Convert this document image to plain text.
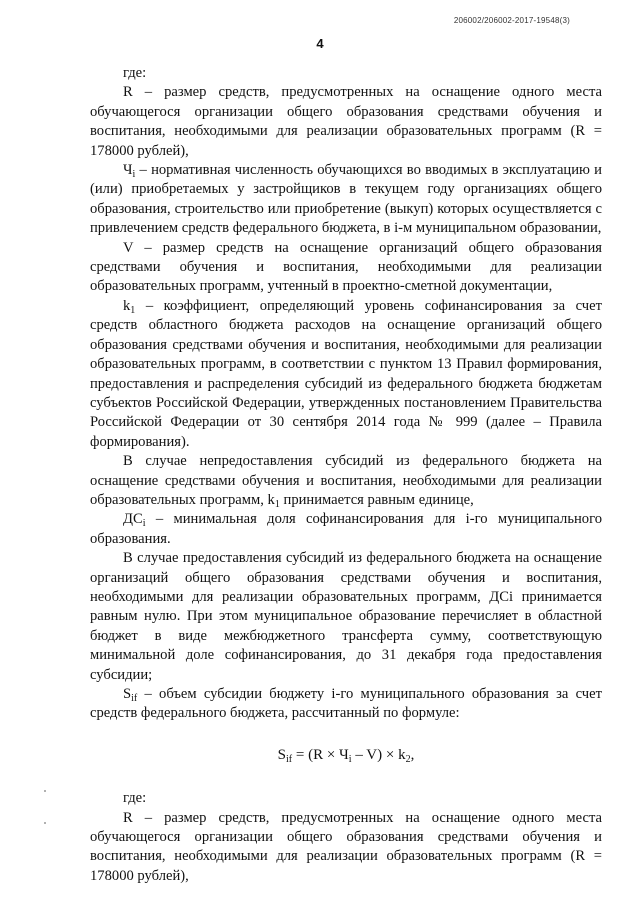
206002/206002-2017-19548(3)
4

где:

R – размер средств, предусмотренных на оснащение одного места обучающегося организации общего образования средствами обучения и воспитания, необходимыми для реализации образовательных программ (R = 178000 рублей),

$Ч_i$ – нормативная численность обучающихся во вводимых в эксплуатацию и (или) приобретаемых у застройщиков в текущем году организациях общего образования, строительство или приобретение (выкуп) которых осуществляется с привлечением средств федерального бюджета, в i-м муниципальном образовании,

V – размер средств на оснащение организаций общего образования средствами обучения и воспитания, необходимыми для реализации образовательных программ, учтенный в проектно-сметной документации,

$k_1$ – коэффициент, определяющий уровень софинансирования за счет средств областного бюджета расходов на оснащение организаций общего образования средствами обучения и воспитания, необходимыми для реализации образовательных программ, в соответствии с пунктом 13 Правил формирования, предоставления и распределения субсидий из федерального бюджета бюджетам субъектов Российской Федерации, утвержденных постановлением Правительства Российской Федерации от 30 сентября 2014 года № 999 (далее – Правила формирования).

В случае непредоставления субсидий из федерального бюджета на оснащение средствами обучения и воспитания, необходимыми для реализации образовательных программ, $k_1$ принимается равным единице,

$ДС_i$ – минимальная доля софинансирования для i-го муниципального образования.

В случае предоставления субсидий из федерального бюджета на оснащение организаций общего образования средствами обучения и воспитания, необходимыми для реализации образовательных программ, ДСі принимается равным нулю. При этом муниципальное образование перечисляет в областной бюджет в виде межбюджетного трансферта сумму, соответствующую минимальной доле софинансирования, до 31 декабря года предоставления субсидии;

$S_{if}$ – объем субсидии бюджету i-го муниципального образования за счет средств федерального бюджета, рассчитанный по формуле:

$S_{if} = (R \times Ч_i - V) \times k_2$,

где:

R – размер средств, предусмотренных на оснащение одного места обучающегося организации общего образования средствами обучения и воспитания, необходимыми для реализации образовательных программ (R = 178000 рублей),
